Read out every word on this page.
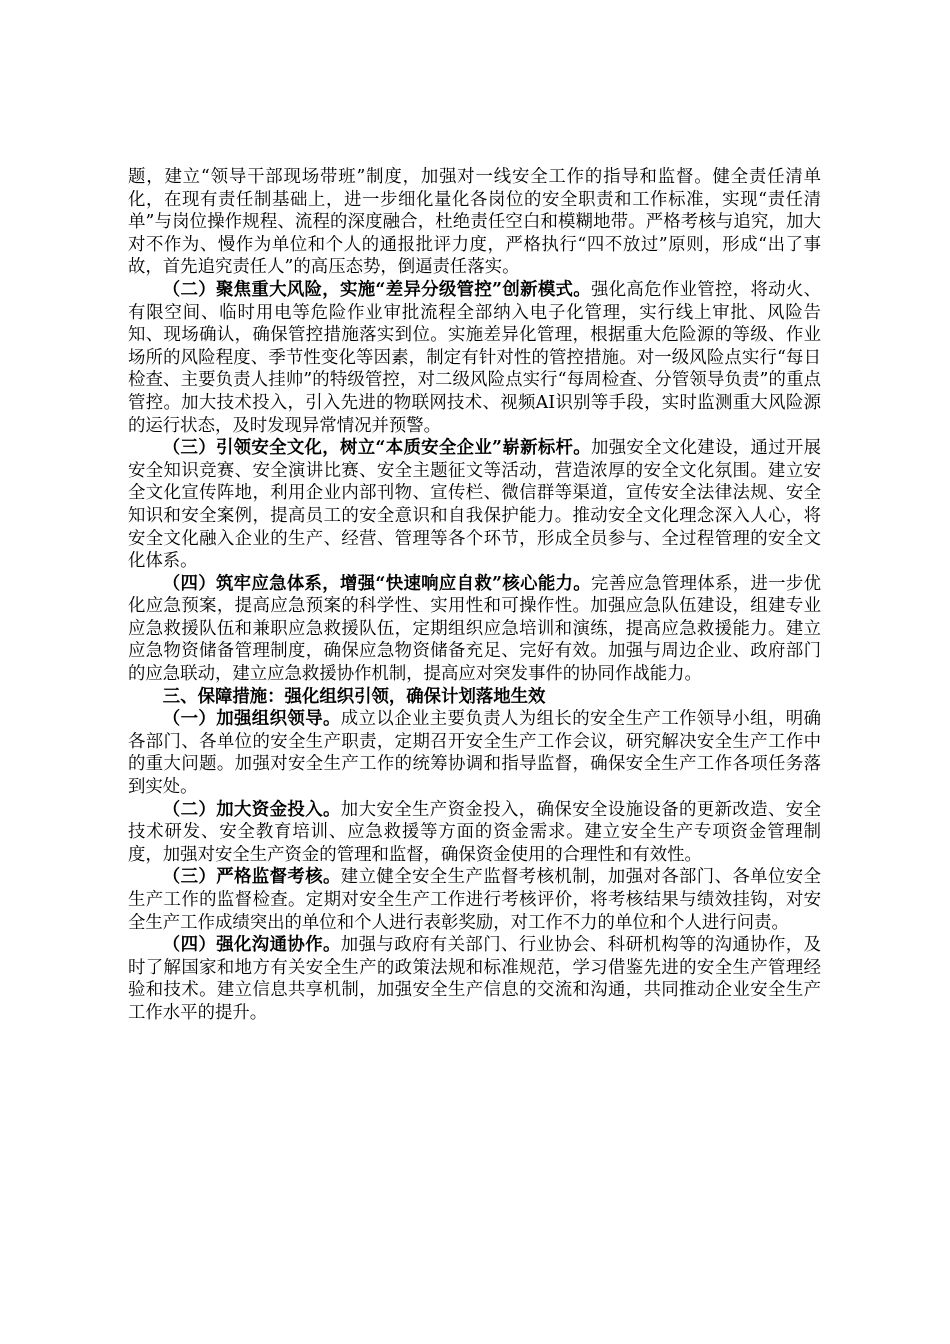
题，建立“领导干部现场带班”制度，加强对一线安全工作的指导和监督。健全责任清单化，在现有责任制基础上，进一步细化量化各岗位的安全职责和工作标准，实现“责任清单”与岗位操作规程、流程的深度融合，杜绝责任空白和模糊地带。严格考核与追究，加大对不作为、慢作为单位和个人的通报批评力度，严格执行“四不放过”原则，形成“出了事故，首先追究责任人”的高压态势，倒逼责任落实。

（二）聚焦重大风险，实施“差异分级管控”创新模式。强化高危作业管控，将动火、有限空间、临时用电等危险作业审批流程全部纳入电子化管理，实行线上审批、风险告知、现场确认，确保管控措施落实到位。实施差异化管理，根据重大危险源的等级、作业场所的风险程度、季节性变化等因素，制定有针对性的管控措施。对一级风险点实行“每日检查、主要负责人挂帅”的特级管控，对二级风险点实行“每周检查、分管领导负责”的重点管控。加大技术投入，引入先进的物联网技术、视频AI识别等手段，实时监测重大风险源的运行状态，及时发现异常情况并预警。

（三）引领安全文化，树立“本质安全企业”崭新标杆。加强安全文化建设，通过开展安全知识竞赛、安全演讲比赛、安全主题征文等活动，营造浓厚的安全文化氛围。建立安全文化宣传阵地，利用企业内部刊物、宣传栏、微信群等渠道，宣传安全法律法规、安全知识和安全案例，提高员工的安全意识和自我保护能力。推动安全文化理念深入人心，将安全文化融入企业的生产、经营、管理等各个环节，形成全员参与、全过程管理的安全文化体系。

（四）筑牢应急体系，增强“快速响应自救”核心能力。完善应急管理体系，进一步优化应急预案，提高应急预案的科学性、实用性和可操作性。加强应急队伍建设，组建专业应急救援队伍和兼职应急救援队伍，定期组织应急培训和演练，提高应急救援能力。建立应急物资储备管理制度，确保应急物资储备充足、完好有效。加强与周边企业、政府部门的应急联动，建立应急救援协作机制，提高应对突发事件的协同作战能力。

三、保障措施：强化组织引领，确保计划落地生效

（一）加强组织领导。成立以企业主要负责人为组长的安全生产工作领导小组，明确各部门、各单位的安全生产职责，定期召开安全生产工作会议，研究解决安全生产工作中的重大问题。加强对安全生产工作的统筹协调和指导监督，确保安全生产工作各项任务落到实处。

（二）加大资金投入。加大安全生产资金投入，确保安全设施设备的更新改造、安全技术研发、安全教育培训、应急救援等方面的资金需求。建立安全生产专项资金管理制度，加强对安全生产资金的管理和监督，确保资金使用的合理性和有效性。

（三）严格监督考核。建立健全安全生产监督考核机制，加强对各部门、各单位安全生产工作的监督检查。定期对安全生产工作进行考核评价，将考核结果与绩效挂钩，对安全生产工作成绩突出的单位和个人进行表彰奖励，对工作不力的单位和个人进行问责。

（四）强化沟通协作。加强与政府有关部门、行业协会、科研机构等的沟通协作，及时了解国家和地方有关安全生产的政策法规和标准规范，学习借鉴先进的安全生产管理经验和技术。建立信息共享机制，加强安全生产信息的交流和沟通，共同推动企业安全生产工作水平的提升。
